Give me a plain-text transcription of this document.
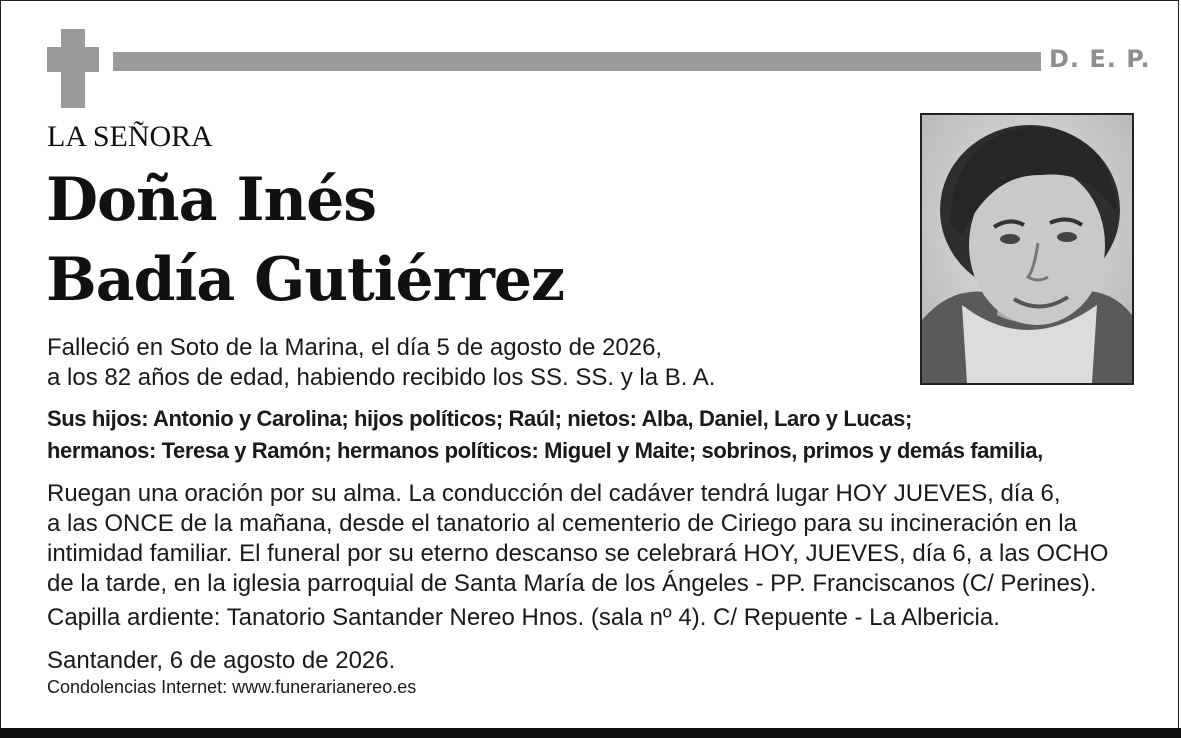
D. E. P.
LA SEÑORA
Doña Inés
Badía Gutiérrez
Falleció en Soto de la Marina, el día 5 de agosto de 2026,
a los 82 años de edad, habiendo recibido los SS. SS. y la B. A.
Sus hijos: Antonio y Carolina; hijos políticos; Raúl; nietos: Alba, Daniel, Laro y Lucas;
hermanos: Teresa y Ramón; hermanos políticos: Miguel y Maite; sobrinos, primos y demás familia,
Ruegan una oración por su alma. La conducción del cadáver tendrá lugar HOY JUEVES, día 6,
a las ONCE de la mañana, desde el tanatorio al cementerio de Ciriego para su incineración en la
intimidad familiar. El funeral por su eterno descanso se celebrará HOY, JUEVES, día 6, a las OCHO
de la tarde, en la iglesia parroquial de Santa María de los Ángeles - PP. Franciscanos (C/ Perines).
Capilla ardiente: Tanatorio Santander Nereo Hnos. (sala nº 4). C/ Repuente - La Albericia.
Santander, 6 de agosto de 2026.
Condolencias Internet: www.funerarianereo.es
